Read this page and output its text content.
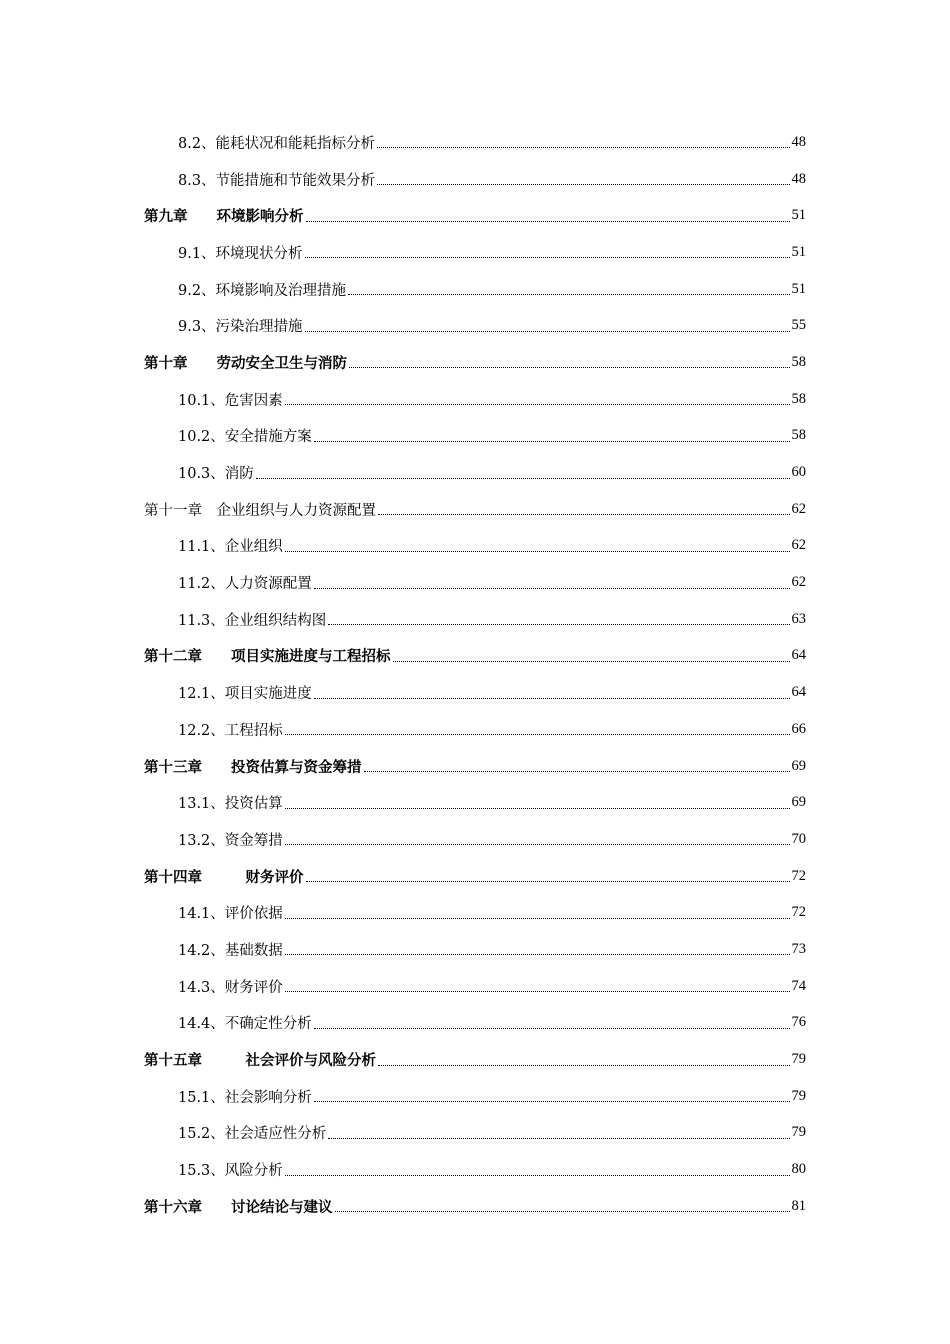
8.2、能耗状况和能耗指标分析	48
8.3、节能措施和节能效果分析	48
第九章　　环境影响分析	51
9.1、环境现状分析	51
9.2、环境影响及治理措施	51
9.3、污染治理措施	55
第十章　　劳动安全卫生与消防	58
10.1、危害因素	58
10.2、安全措施方案	58
10.3、消防	60
第十一章　企业组织与人力资源配置	62
11.1、企业组织	62
11.2、人力资源配置	62
11.3、企业组织结构图	63
第十二章　　项目实施进度与工程招标	64
12.1、项目实施进度	64
12.2、工程招标	66
第十三章　　投资估算与资金筹措	69
13.1、投资估算	69
13.2、资金筹措	70
第十四章　　　财务评价	72
14.1、评价依据	72
14.2、基础数据	73
14.3、财务评价	74
14.4、不确定性分析	76
第十五章　　　社会评价与风险分析	79
15.1、社会影响分析	79
15.2、社会适应性分析	79
15.3、风险分析	80
第十六章　　讨论结论与建议	81
